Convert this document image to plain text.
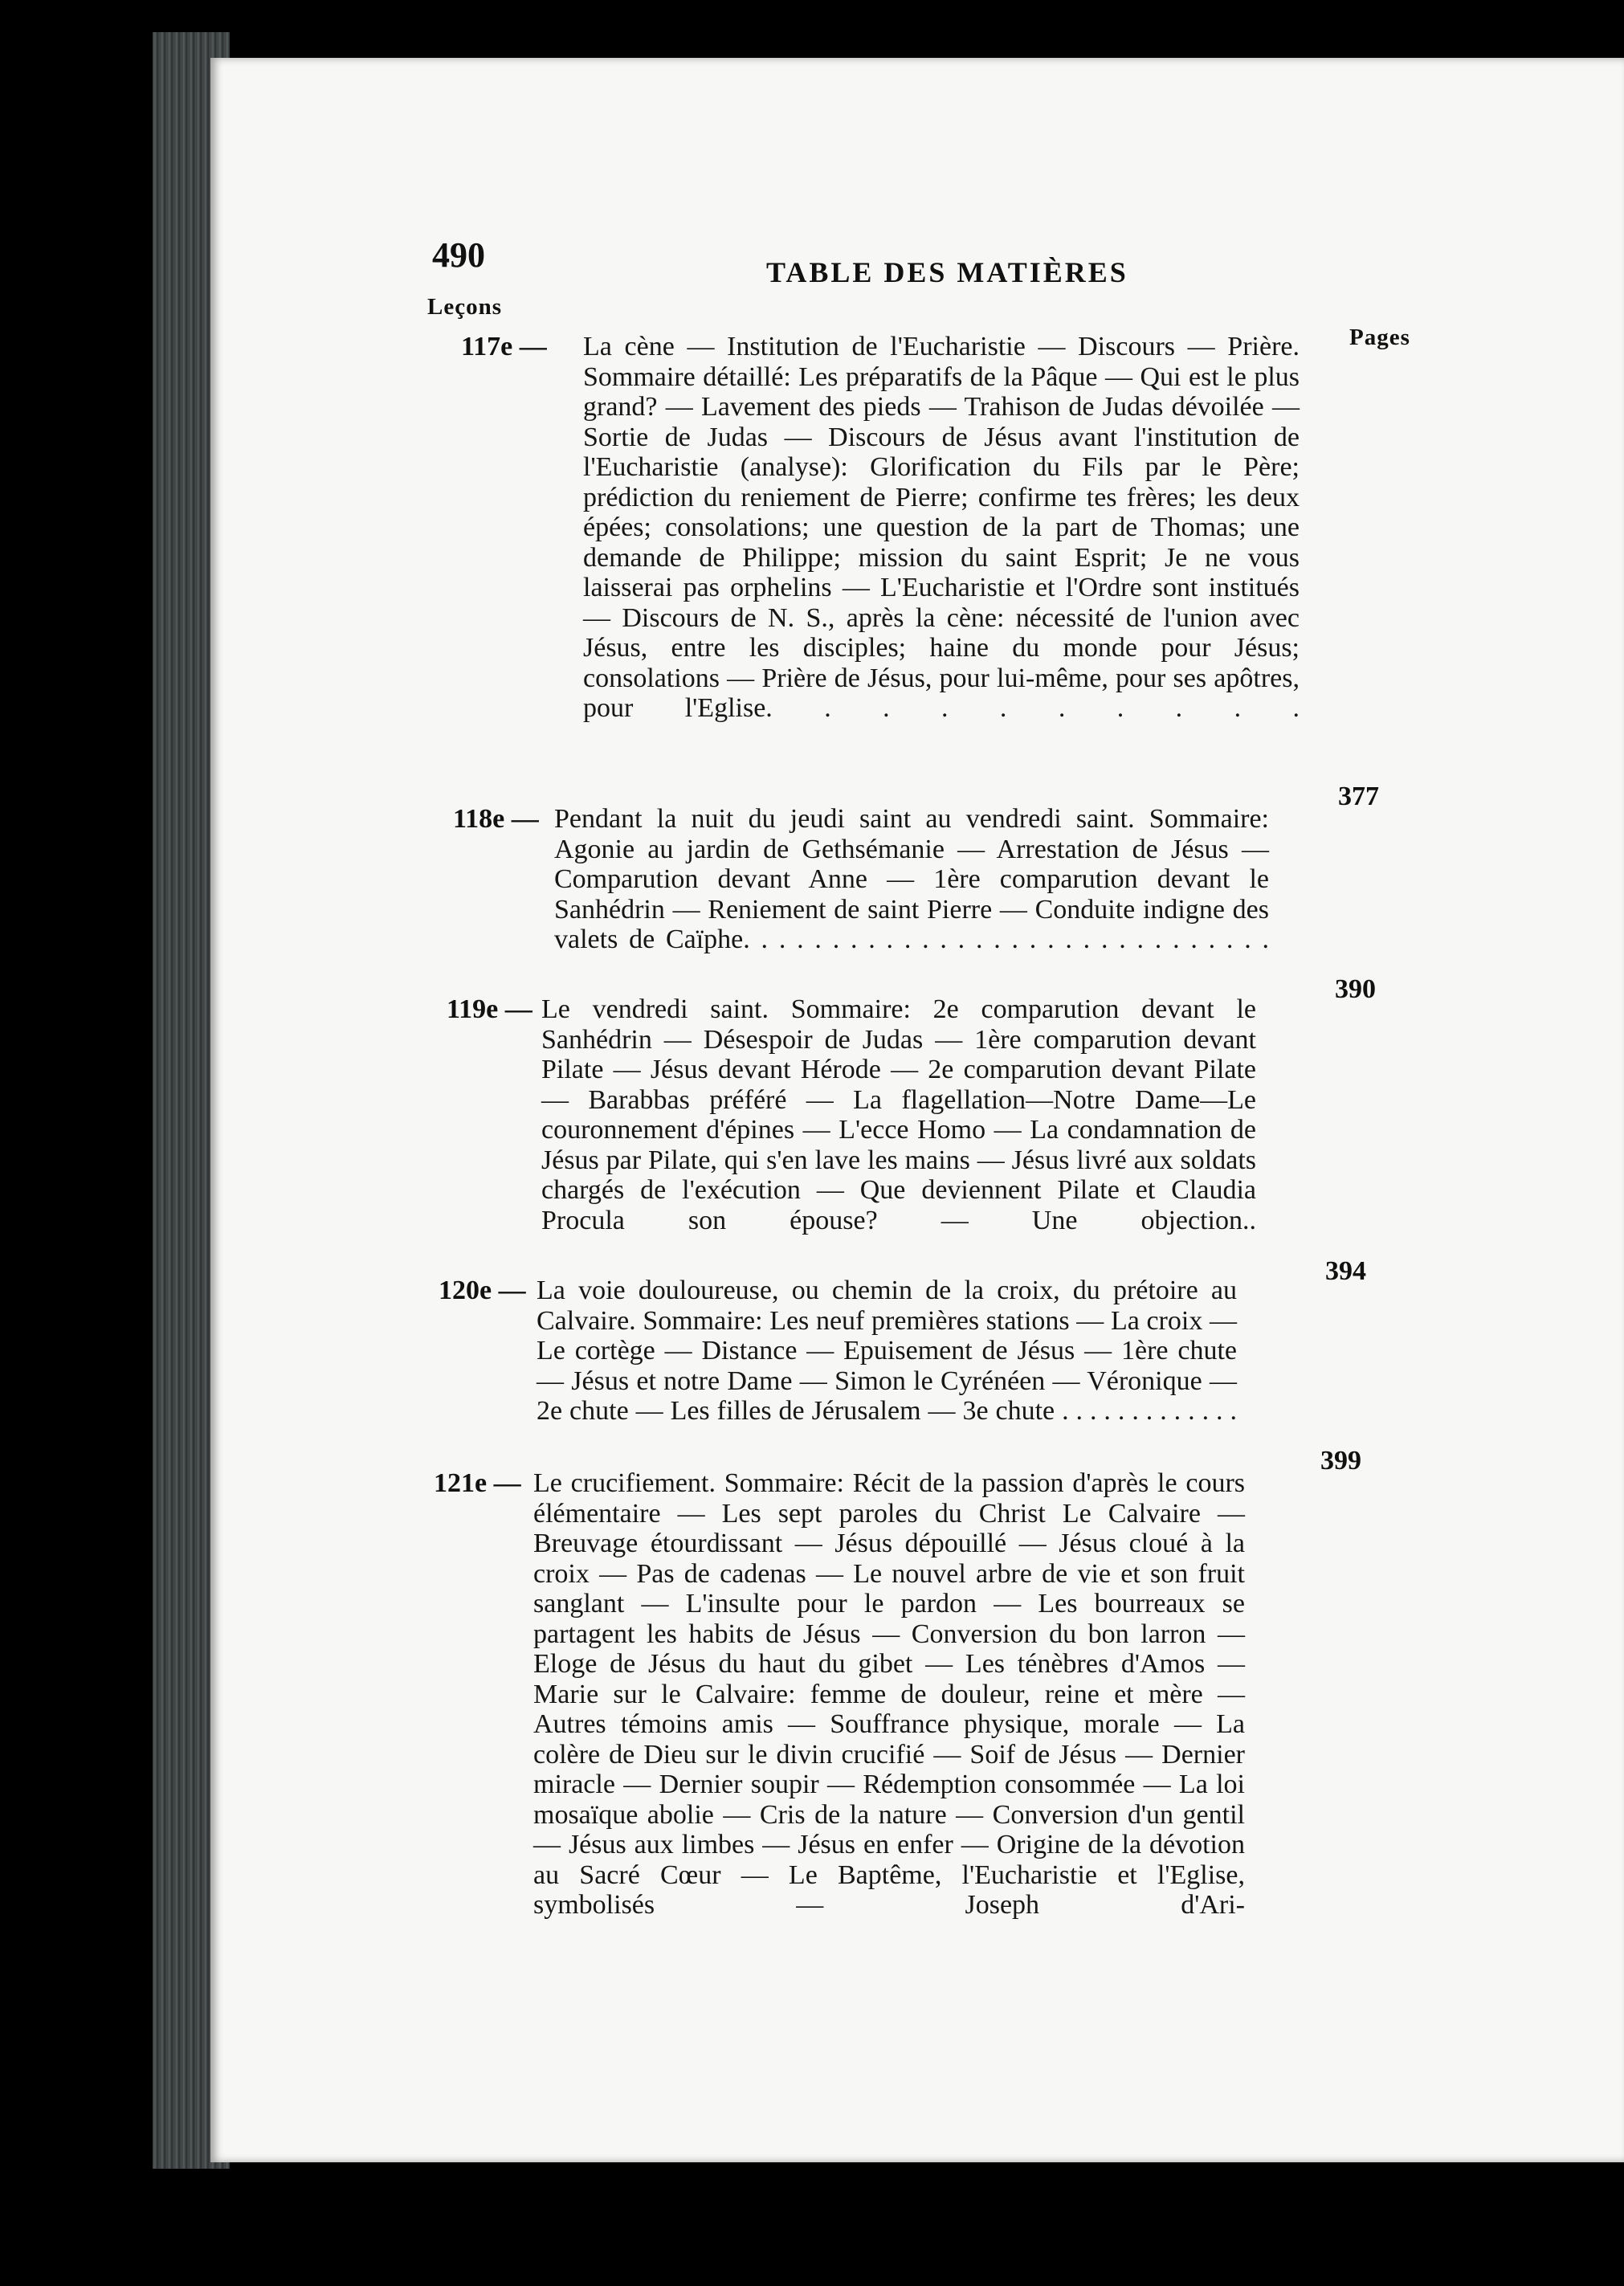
490	TABLE DES MATIÈRES
Leçons
Pages
117e — La cène — Institution de l'Eucharistie — Discours — Prière. Sommaire détaillé: Les préparatifs de la Pâque — Qui est le plus grand? — Lavement des pieds — Trahison de Judas dévoilée — Sortie de Judas — Discours de Jésus avant l'institution de l'Eucharistie (analyse): Glorification du Fils par le Père; prédiction du reniement de Pierre; confirme tes frères; les deux épées; consolations; une question de la part de Thomas; une demande de Philippe; mission du saint Esprit; Je ne vous laisserai pas orphelins — L'Eucharistie et l'Ordre sont institués — Discours de N. S., après la cène: nécessité de l'union avec Jésus, entre les disciples; haine du monde pour Jésus; consolations — Prière de Jésus, pour lui-même, pour ses apôtres, pour l'Eglise. . . . . . . . . .
377
118e — Pendant la nuit du jeudi saint au vendredi saint. Sommaire: Agonie au jardin de Gethsémanie — Arrestation de Jésus — Comparution devant Anne — 1ère comparution devant le Sanhédrin — Reniement de saint Pierre — Conduite indigne des valets de Caïphe. . . . . . . . . . . . . . . . . . . . . . . . . . . . . .
390
119e — Le vendredi saint. Sommaire: 2e comparution devant le Sanhédrin — Désespoir de Judas — 1ère comparution devant Pilate — Jésus devant Hérode — 2e comparution devant Pilate — Barabbas préféré — La flagellation—Notre Dame—Le couronnement d'épines — L'ecce Homo — La condamnation de Jésus par Pilate, qui s'en lave les mains — Jésus livré aux soldats chargés de l'exécution — Que deviennent Pilate et Claudia Procula son épouse? — Une objection..
394
120e — La voie douloureuse, ou chemin de la croix, du prétoire au Calvaire. Sommaire: Les neuf premières stations — La croix — Le cortège — Distance — Epuisement de Jésus — 1ère chute — Jésus et notre Dame — Simon le Cyrénéen — Véronique — 2e chute — Les filles de Jérusalem — 3e chute . . . . . . . . . . . . .
399
121e — Le crucifiement. Sommaire: Récit de la passion d'après le cours élémentaire — Les sept paroles du Christ Le Calvaire — Breuvage étourdissant — Jésus dépouillé — Jésus cloué à la croix — Pas de cadenas — Le nouvel arbre de vie et son fruit sanglant — L'insulte pour le pardon — Les bourreaux se partagent les habits de Jésus — Conversion du bon larron — Eloge de Jésus du haut du gibet — Les ténèbres d'Amos — Marie sur le Calvaire: femme de douleur, reine et mère — Autres témoins amis — Souffrance physique, morale — La colère de Dieu sur le divin crucifié — Soif de Jésus — Dernier miracle — Dernier soupir — Rédemption consommée — La loi mosaïque abolie — Cris de la nature — Conversion d'un gentil — Jésus aux limbes — Jésus en enfer — Origine de la dévotion au Sacré Cœur — Le Baptême, l'Eucharistie et l'Eglise, symbolisés — Joseph d'Ari-
